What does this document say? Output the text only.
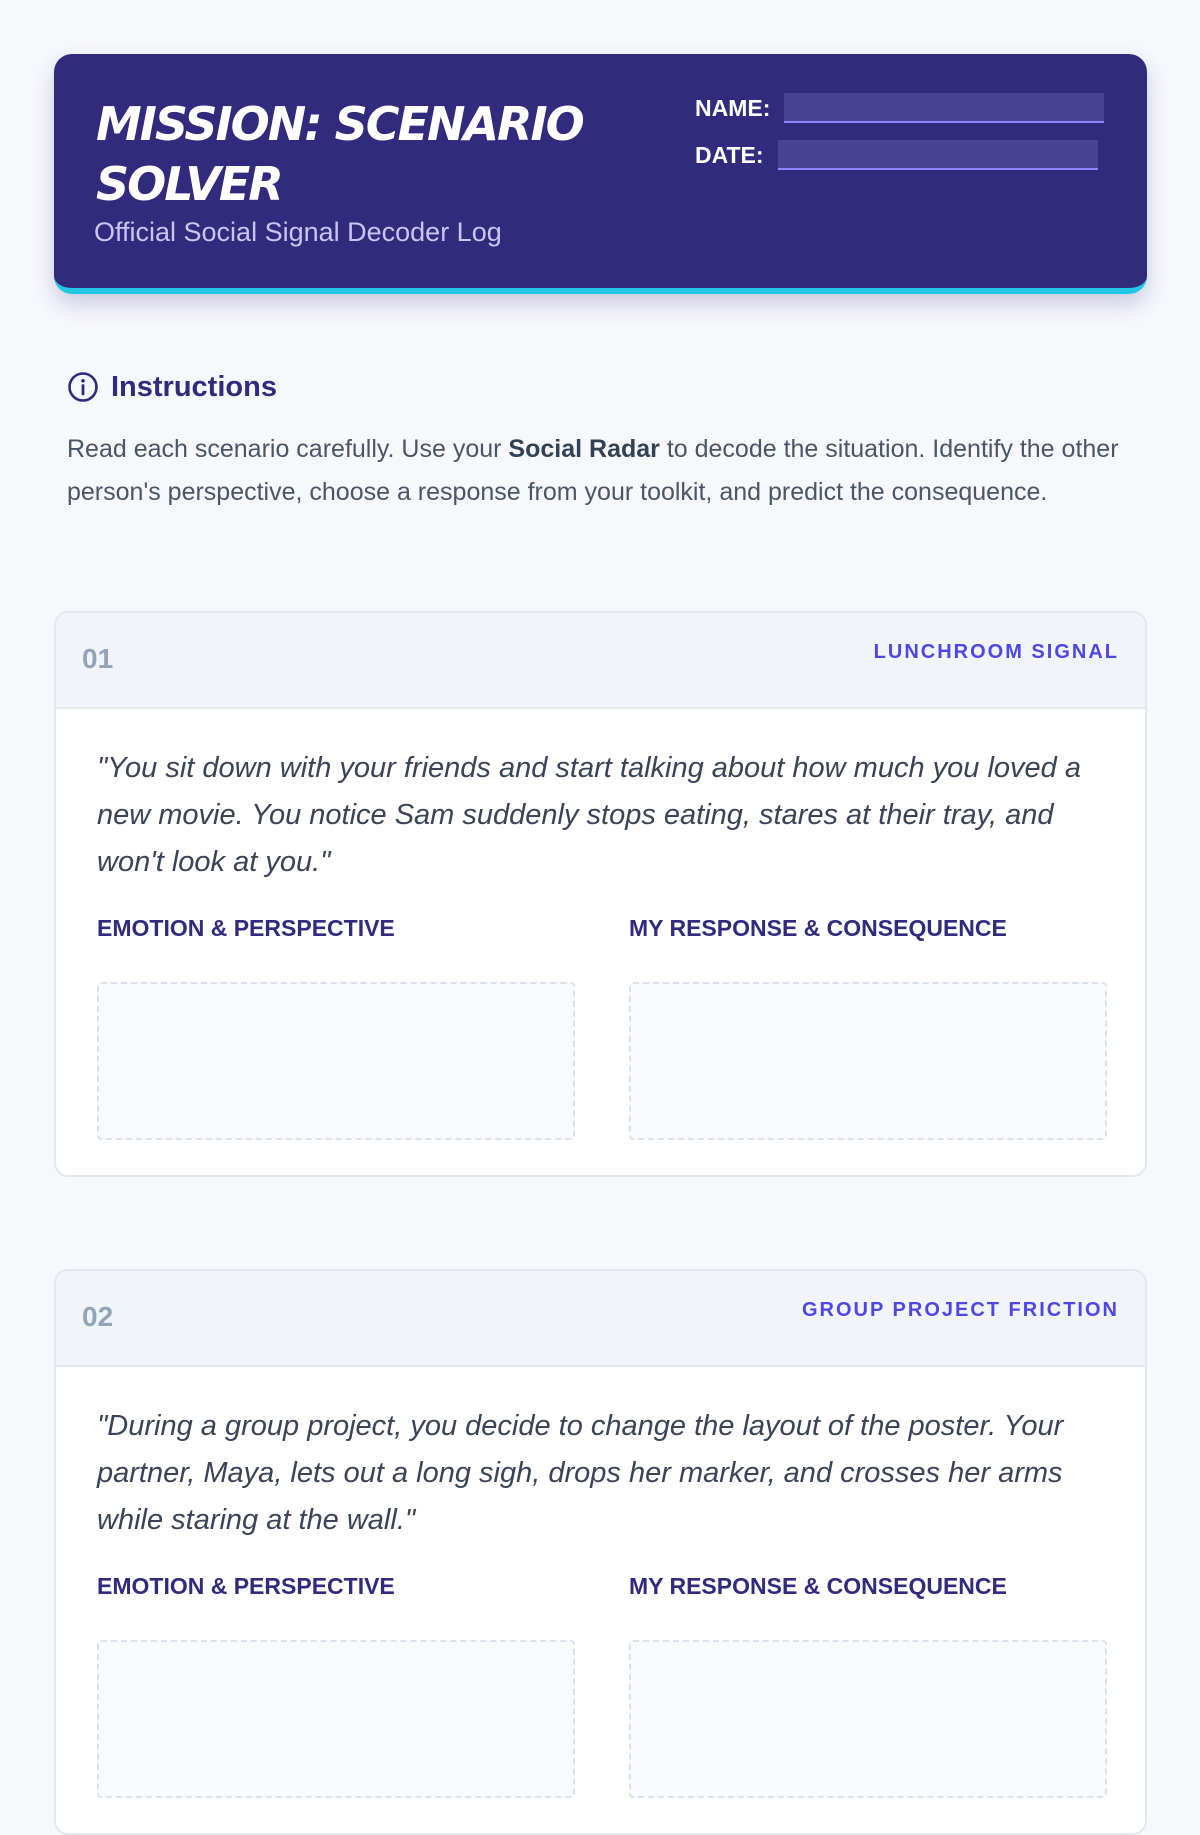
MISSION: SCENARIO SOLVER
Official Social Signal Decoder Log
NAME:
DATE:
Instructions
Read each scenario carefully. Use your Social Radar to decode the situation. Identify the other person's perspective, choose a response from your toolkit, and predict the consequence.
01	LUNCHROOM SIGNAL

"You sit down with your friends and start talking about how much you loved a new movie. You notice Sam suddenly stops eating, stares at their tray, and won't look at you."

EMOTION & PERSPECTIVE	MY RESPONSE & CONSEQUENCE
02	GROUP PROJECT FRICTION

"During a group project, you decide to change the layout of the poster. Your partner, Maya, lets out a long sigh, drops her marker, and crosses her arms while staring at the wall."

EMOTION & PERSPECTIVE	MY RESPONSE & CONSEQUENCE
